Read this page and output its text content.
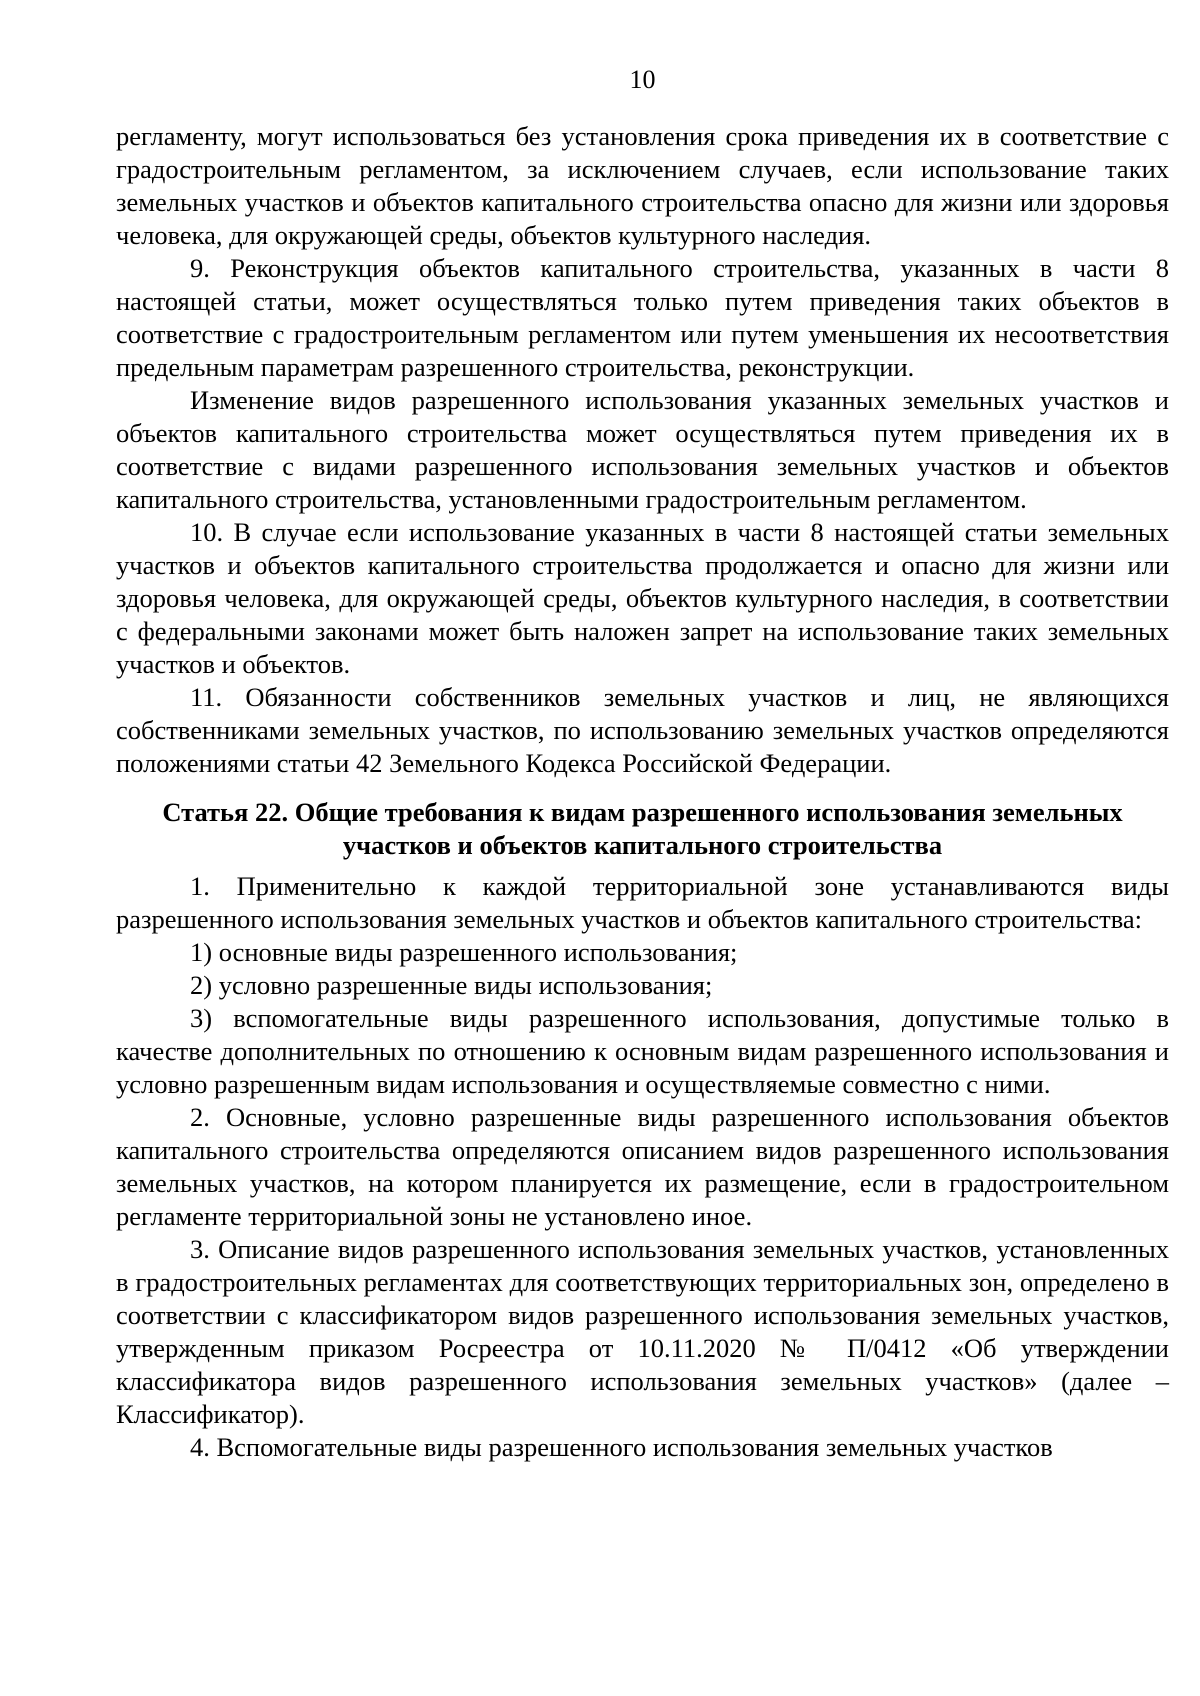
10

регламенту, могут использоваться без установления срока приведения их в соответствие с градостроительным регламентом, за исключением случаев, если использование таких земельных участков и объектов капитального строительства опасно для жизни или здоровья человека, для окружающей среды, объектов культурного наследия.

9. Реконструкция объектов капитального строительства, указанных в части 8 настоящей статьи, может осуществляться только путем приведения таких объектов в соответствие с градостроительным регламентом или путем уменьшения их несоответствия предельным параметрам разрешенного строительства, реконструкции.

Изменение видов разрешенного использования указанных земельных участков и объектов капитального строительства может осуществляться путем приведения их в соответствие с видами разрешенного использования земельных участков и объектов капитального строительства, установленными градостроительным регламентом.

10. В случае если использование указанных в части 8 настоящей статьи земельных участков и объектов капитального строительства продолжается и опасно для жизни или здоровья человека, для окружающей среды, объектов культурного наследия, в соответствии с федеральными законами может быть наложен запрет на использование таких земельных участков и объектов.

11. Обязанности собственников земельных участков и лиц, не являющихся собственниками земельных участков, по использованию земельных участков определяются положениями статьи 42 Земельного Кодекса Российской Федерации.

Статья 22. Общие требования к видам разрешенного использования земельных
участков и объектов капитального строительства

1. Применительно к каждой территориальной зоне устанавливаются виды разрешенного использования земельных участков и объектов капитального строительства:

1) основные виды разрешенного использования;

2) условно разрешенные виды использования;

3) вспомогательные виды разрешенного использования, допустимые только в качестве дополнительных по отношению к основным видам разрешенного использования и условно разрешенным видам использования и осуществляемые совместно с ними.

2. Основные, условно разрешенные виды разрешенного использования объектов капитального строительства определяются описанием видов разрешенного использования земельных участков, на котором планируется их размещение, если в градостроительном регламенте территориальной зоны не установлено иное.

3. Описание видов разрешенного использования земельных участков, установленных в градостроительных регламентах для соответствующих территориальных зон, определено в соответствии с классификатором видов разрешенного использования земельных участков, утвержденным приказом Росреестра от 10.11.2020 № П/0412 «Об утверждении классификатора видов разрешенного использования земельных участков» (далее – Классификатор).

4. Вспомогательные виды разрешенного использования земельных участков
